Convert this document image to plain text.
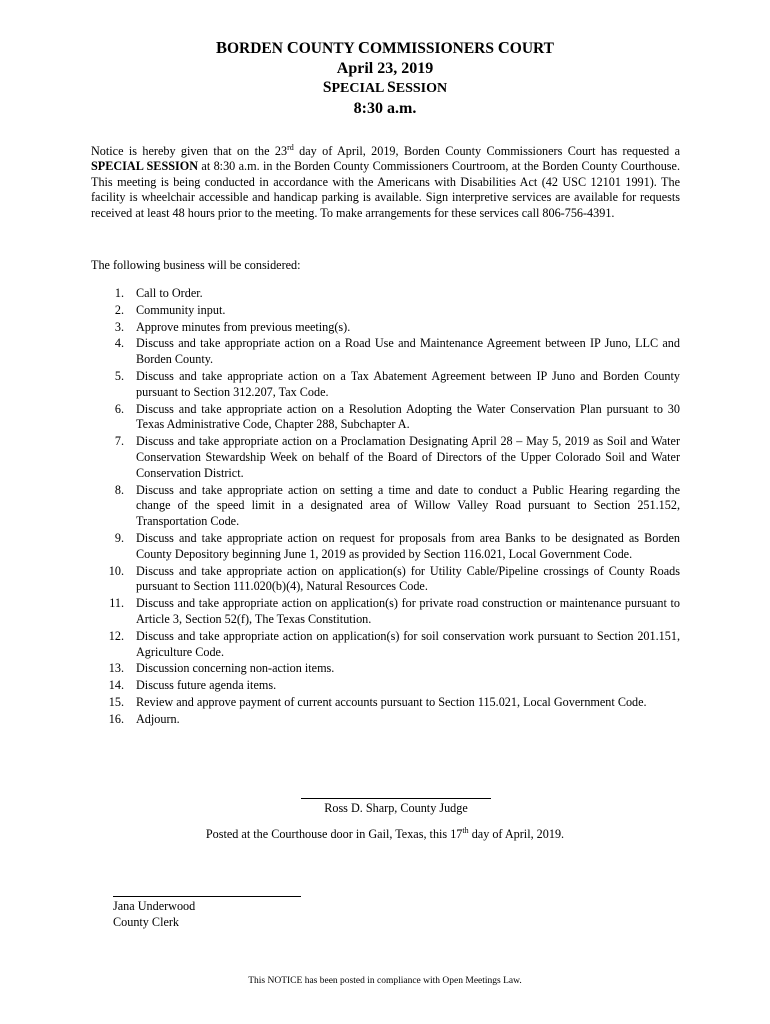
BORDEN COUNTY COMMISSIONERS COURT
April 23, 2019
SPECIAL SESSION
8:30 a.m.
Notice is hereby given that on the 23rd day of April, 2019, Borden County Commissioners Court has requested a SPECIAL SESSION at 8:30 a.m. in the Borden County Commissioners Courtroom, at the Borden County Courthouse. This meeting is being conducted in accordance with the Americans with Disabilities Act (42 USC 12101 1991). The facility is wheelchair accessible and handicap parking is available. Sign interpretive services are available for requests received at least 48 hours prior to the meeting. To make arrangements for these services call 806-756-4391.
The following business will be considered:
1. Call to Order.
2. Community input.
3. Approve minutes from previous meeting(s).
4. Discuss and take appropriate action on a Road Use and Maintenance Agreement between IP Juno, LLC and Borden County.
5. Discuss and take appropriate action on a Tax Abatement Agreement between IP Juno and Borden County pursuant to Section 312.207, Tax Code.
6. Discuss and take appropriate action on a Resolution Adopting the Water Conservation Plan pursuant to 30 Texas Administrative Code, Chapter 288, Subchapter A.
7. Discuss and take appropriate action on a Proclamation Designating April 28 – May 5, 2019 as Soil and Water Conservation Stewardship Week on behalf of the Board of Directors of the Upper Colorado Soil and Water Conservation District.
8. Discuss and take appropriate action on setting a time and date to conduct a Public Hearing regarding the change of the speed limit in a designated area of Willow Valley Road pursuant to Section 251.152, Transportation Code.
9. Discuss and take appropriate action on request for proposals from area Banks to be designated as Borden County Depository beginning June 1, 2019 as provided by Section 116.021, Local Government Code.
10. Discuss and take appropriate action on application(s) for Utility Cable/Pipeline crossings of County Roads pursuant to Section 111.020(b)(4), Natural Resources Code.
11. Discuss and take appropriate action on application(s) for private road construction or maintenance pursuant to Article 3, Section 52(f), The Texas Constitution.
12. Discuss and take appropriate action on application(s) for soil conservation work pursuant to Section 201.151, Agriculture Code.
13. Discussion concerning non-action items.
14. Discuss future agenda items.
15. Review and approve payment of current accounts pursuant to Section 115.021, Local Government Code.
16. Adjourn.
Ross D. Sharp, County Judge
Posted at the Courthouse door in Gail, Texas, this 17th day of April, 2019.
Jana Underwood
County Clerk
This NOTICE has been posted in compliance with Open Meetings Law.
